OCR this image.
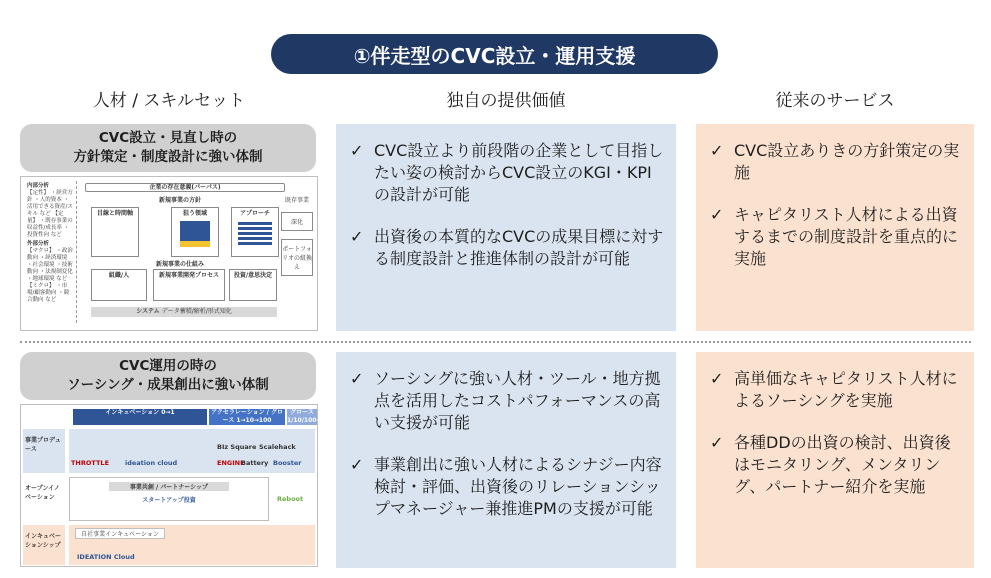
①伴走型のCVC設立・運用支援
人材 / スキルセット	独自の提供価値	従来のサービス
CVC設立・見直し時の
方針策定・制度設計に強い体制
内部分析
【定性】 ・経営方針 ・人的資本 ・活用できる資産/スキル など 【定量】 ・既存事業の収益性/成長率 ・投資性向 など
外部分析
【マクロ】 ・政治動向 ・経済環境 ・社会環境 ・技術動向 ・法規制変化 ・地球環境 など 【ミクロ】 ・市場/顧客動向 ・競合動向 など
企業の存在意義(パーパス)
新規事業の方針
目線と時間軸	狙う領域	アプローチ
新規事業の仕組み
組織/人	新規事業開発プロセス	投資/意思決定
システム データ蓄積/解析/形式知化
既存事業
深化
ポートフォリオの組換え
✓ CVC設立より前段階の企業として目指したい姿の検討からCVC設立のKGI・KPIの設計が可能
✓ 出資後の本質的なCVCの成果目標に対する制度設計と推進体制の設計が可能
✓ CVC設立ありきの方針策定の実施
✓ キャピタリスト人材による出資するまでの制度設計を重点的に実施
CVC運用の時の
ソーシング・成果創出に強い体制
インキュベーション 0→1	アクセラレーション / グロース 1→10→100
グロース 1/10/100→∞
事業プロデュース
THROTTLE ideation cloud
BIz Square Scalehack
ENGINE
Battery Booster
オープンイノベーション
事業共創 / パートナーシップ
スタートアップ投資	Reboot
インキュベーションシップ
自社事業インキュベーション
IDEATION Cloud
✓ ソーシングに強い人材・ツール・地方拠点を活用したコストパフォーマンスの高い支援が可能
✓ 事業創出に強い人材によるシナジー内容検討・評価、出資後のリレーションシップマネージャー兼推進PMの支援が可能
✓ 高単価なキャピタリスト人材によるソーシングを実施
✓ 各種DDの出資の検討、出資後はモニタリング、メンタリング、パートナー紹介を実施
